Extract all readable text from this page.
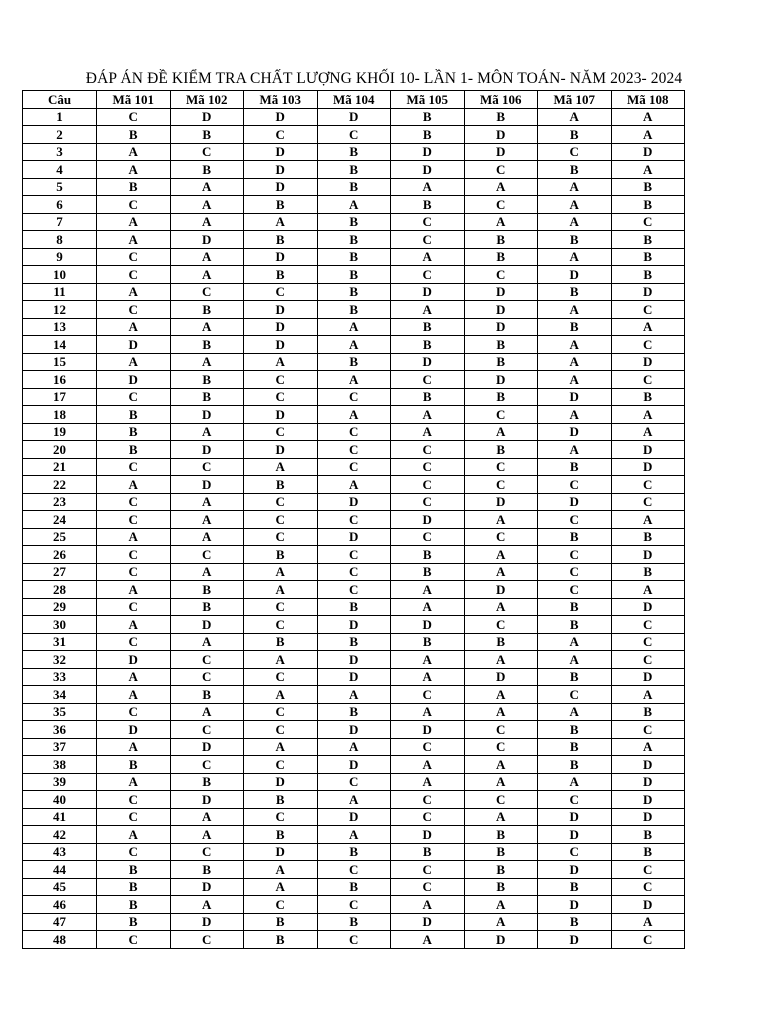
ĐÁP ÁN ĐỀ KIỂM TRA CHẤT LƯỢNG KHỐI 10- LẦN 1- MÔN TOÁN- NĂM 2023- 2024
Câu	Mã 101	Mã 102	Mã 103	Mã 104	Mã 105	Mã 106	Mã 107	Mã 108
1	C	D	D	D	B	B	A	A
2	B	B	C	C	B	D	B	A
3	A	C	D	B	D	D	C	D
4	A	B	D	B	D	C	B	A
5	B	A	D	B	A	A	A	B
6	C	A	B	A	B	C	A	B
7	A	A	A	B	C	A	A	C
8	A	D	B	B	C	B	B	B
9	C	A	D	B	A	B	A	B
10	C	A	B	B	C	C	D	B
11	A	C	C	B	D	D	B	D
12	C	B	D	B	A	D	A	C
13	A	A	D	A	B	D	B	A
14	D	B	D	A	B	B	A	C
15	A	A	A	B	D	B	A	D
16	D	B	C	A	C	D	A	C
17	C	B	C	C	B	B	D	B
18	B	D	D	A	A	C	A	A
19	B	A	C	C	A	A	D	A
20	B	D	D	C	C	B	A	D
21	C	C	A	C	C	C	B	D
22	A	D	B	A	C	C	C	C
23	C	A	C	D	C	D	D	C
24	C	A	C	C	D	A	C	A
25	A	A	C	D	C	C	B	B
26	C	C	B	C	B	A	C	D
27	C	A	A	C	B	A	C	B
28	A	B	A	C	A	D	C	A
29	C	B	C	B	A	A	B	D
30	A	D	C	D	D	C	B	C
31	C	A	B	B	B	B	A	C
32	D	C	A	D	A	A	A	C
33	A	C	C	D	A	D	B	D
34	A	B	A	A	C	A	C	A
35	C	A	C	B	A	A	A	B
36	D	C	C	D	D	C	B	C
37	A	D	A	A	C	C	B	A
38	B	C	C	D	A	A	B	D
39	A	B	D	C	A	A	A	D
40	C	D	B	A	C	C	C	D
41	C	A	C	D	C	A	D	D
42	A	A	B	A	D	B	D	B
43	C	C	D	B	B	B	C	B
44	B	B	A	C	C	B	D	C
45	B	D	A	B	C	B	B	C
46	B	A	C	C	A	A	D	D
47	B	D	B	B	D	A	B	A
48	C	C	B	C	A	D	D	C
